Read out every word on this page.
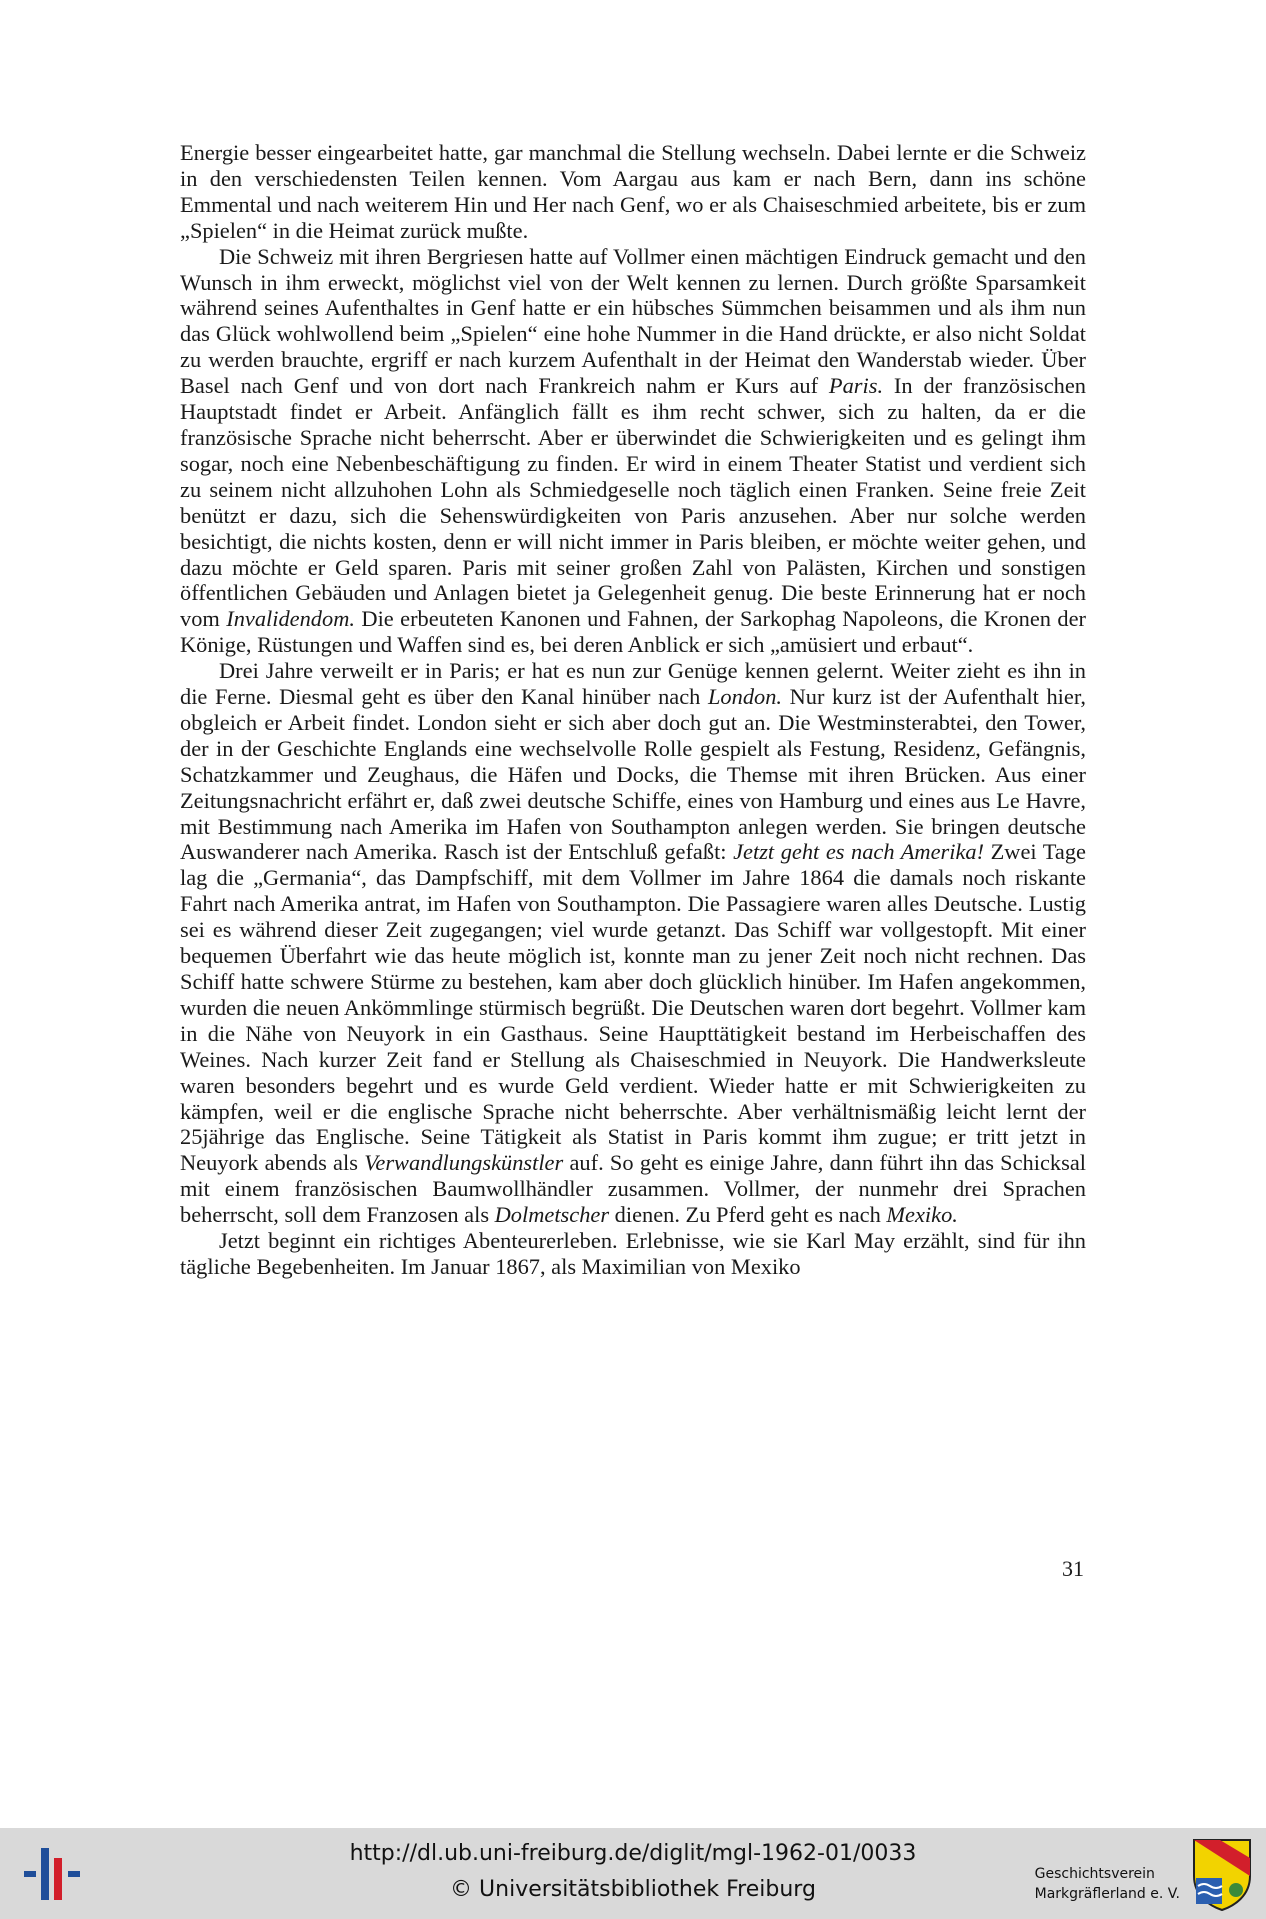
Energie besser eingearbeitet hatte, gar manchmal die Stellung wechseln. Dabei lernte er die Schweiz in den verschiedensten Teilen kennen. Vom Aargau aus kam er nach Bern, dann ins schöne Emmental und nach weiterem Hin und Her nach Genf, wo er als Chaiseschmied arbeitete, bis er zum „Spielen“ in die Heimat zurück mußte.

Die Schweiz mit ihren Bergriesen hatte auf Vollmer einen mächtigen Eindruck gemacht und den Wunsch in ihm erweckt, möglichst viel von der Welt kennen zu lernen. Durch größte Sparsamkeit während seines Aufenthaltes in Genf hatte er ein hübsches Sümmchen beisammen und als ihm nun das Glück wohlwollend beim „Spielen“ eine hohe Nummer in die Hand drückte, er also nicht Soldat zu werden brauchte, ergriff er nach kurzem Aufenthalt in der Heimat den Wanderstab wieder. Über Basel nach Genf und von dort nach Frankreich nahm er Kurs auf Paris. In der französischen Hauptstadt findet er Arbeit. Anfänglich fällt es ihm recht schwer, sich zu halten, da er die französische Sprache nicht beherrscht. Aber er überwindet die Schwierigkeiten und es gelingt ihm sogar, noch eine Nebenbeschäftigung zu finden. Er wird in einem Theater Statist und verdient sich zu seinem nicht allzuhohen Lohn als Schmiedgeselle noch täglich einen Franken. Seine freie Zeit benützt er dazu, sich die Sehenswürdigkeiten von Paris anzusehen. Aber nur solche werden besichtigt, die nichts kosten, denn er will nicht immer in Paris bleiben, er möchte weiter gehen, und dazu möchte er Geld sparen. Paris mit seiner großen Zahl von Palästen, Kirchen und sonstigen öffentlichen Gebäuden und Anlagen bietet ja Gelegenheit genug. Die beste Erinnerung hat er noch vom Invalidendom. Die erbeuteten Kanonen und Fahnen, der Sarkophag Napoleons, die Kronen der Könige, Rüstungen und Waffen sind es, bei deren Anblick er sich „amüsiert und erbaut“.

Drei Jahre verweilt er in Paris; er hat es nun zur Genüge kennen gelernt. Weiter zieht es ihn in die Ferne. Diesmal geht es über den Kanal hinüber nach London. Nur kurz ist der Aufenthalt hier, obgleich er Arbeit findet. London sieht er sich aber doch gut an. Die Westminsterabtei, den Tower, der in der Geschichte Englands eine wechselvolle Rolle gespielt als Festung, Residenz, Gefängnis, Schatzkammer und Zeughaus, die Häfen und Docks, die Themse mit ihren Brücken. Aus einer Zeitungsnachricht erfährt er, daß zwei deutsche Schiffe, eines von Hamburg und eines aus Le Havre, mit Bestimmung nach Amerika im Hafen von Southampton anlegen werden. Sie bringen deutsche Auswanderer nach Amerika. Rasch ist der Entschluß gefaßt: Jetzt geht es nach Amerika! Zwei Tage lag die „Germania“, das Dampfschiff, mit dem Vollmer im Jahre 1864 die damals noch riskante Fahrt nach Amerika antrat, im Hafen von Southampton. Die Passagiere waren alles Deutsche. Lustig sei es während dieser Zeit zugegangen; viel wurde getanzt. Das Schiff war vollgestopft. Mit einer bequemen Überfahrt wie das heute möglich ist, konnte man zu jener Zeit noch nicht rechnen. Das Schiff hatte schwere Stürme zu bestehen, kam aber doch glücklich hinüber. Im Hafen angekommen, wurden die neuen Ankömmlinge stürmisch begrüßt. Die Deutschen waren dort begehrt. Vollmer kam in die Nähe von Neuyork in ein Gasthaus. Seine Haupttätigkeit bestand im Herbeischaffen des Weines. Nach kurzer Zeit fand er Stellung als Chaiseschmied in Neuyork. Die Handwerksleute waren besonders begehrt und es wurde Geld verdient. Wieder hatte er mit Schwierigkeiten zu kämpfen, weil er die englische Sprache nicht beherrschte. Aber verhältnismäßig leicht lernt der 25jährige das Englische. Seine Tätigkeit als Statist in Paris kommt ihm zugue; er tritt jetzt in Neuyork abends als Verwandlungskünstler auf. So geht es einige Jahre, dann führt ihn das Schicksal mit einem französischen Baumwollhändler zusammen. Vollmer, der nunmehr drei Sprachen beherrscht, soll dem Franzosen als Dolmetscher dienen. Zu Pferd geht es nach Mexiko.

Jetzt beginnt ein richtiges Abenteurerleben. Erlebnisse, wie sie Karl May erzählt, sind für ihn tägliche Begebenheiten. Im Januar 1867, als Maximilian von Mexiko

31
http://dl.ub.uni-freiburg.de/diglit/mgl-1962-01/0033
© Universitätsbibliothek Freiburg
Geschichtsverein
Markgräflerland e. V.
